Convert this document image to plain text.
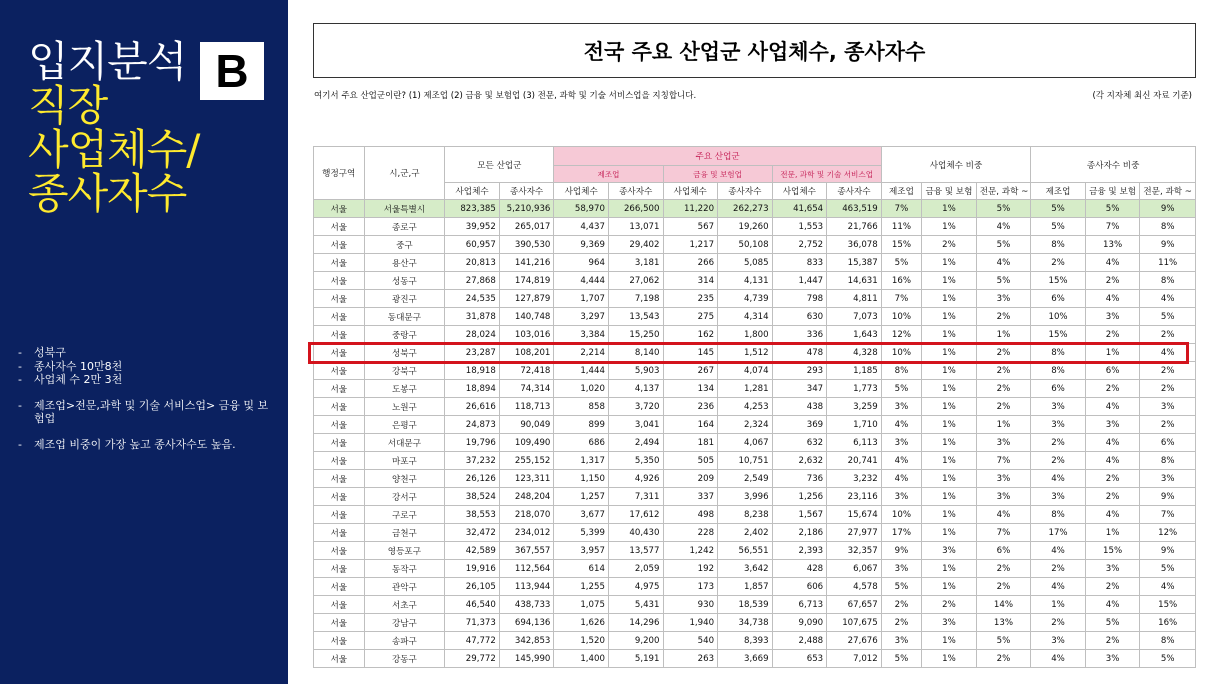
입지분석
직장
사업체수/
종사자수
B
-	성북구
-	종사자수 10만8천
-	사업체 수 2만 3천
-	제조업>전문,과학 및 기술 서비스업> 금융 및 보험업
-	제조업 비중이 가장 높고 종사자수도 높음.
전국 주요 산업군 사업체수, 종사자수
여기서 주요 산업군이란? (1) 제조업 (2) 금융 및 보험업 (3) 전문, 과학 및 기술 서비스업을 지칭합니다.	(각 지자체 최신 자료 기준)
행정구역	시,군,구	모든 산업군		주요 산업군						사업체수 비중			종사자수 비중		
				제조업		금융 및 보험업		전문, 과학 및 기술 서비스업							
		사업체수	종사자수	사업체수	종사자수	사업체수	종사자수	사업체수	종사자수	제조업	금융 및 보험	전문, 과학 ~	제조업	금융 및 보험	전문, 과학 ~
서울	서울특별시	823,385	5,210,936	58,970	266,500	11,220	262,273	41,654	463,519	7%	1%	5%	5%	5%	9%
서울	종로구	39,952	265,017	4,437	13,071	567	19,260	1,553	21,766	11%	1%	4%	5%	7%	8%
서울	중구	60,957	390,530	9,369	29,402	1,217	50,108	2,752	36,078	15%	2%	5%	8%	13%	9%
서울	용산구	20,813	141,216	964	3,181	266	5,085	833	15,387	5%	1%	4%	2%	4%	11%
서울	성동구	27,868	174,819	4,444	27,062	314	4,131	1,447	14,631	16%	1%	5%	15%	2%	8%
서울	광진구	24,535	127,879	1,707	7,198	235	4,739	798	4,811	7%	1%	3%	6%	4%	4%
서울	동대문구	31,878	140,748	3,297	13,543	275	4,314	630	7,073	10%	1%	2%	10%	3%	5%
서울	중랑구	28,024	103,016	3,384	15,250	162	1,800	336	1,643	12%	1%	1%	15%	2%	2%
서울	성북구	23,287	108,201	2,214	8,140	145	1,512	478	4,328	10%	1%	2%	8%	1%	4%
서울	강북구	18,918	72,418	1,444	5,903	267	4,074	293	1,185	8%	1%	2%	8%	6%	2%
서울	도봉구	18,894	74,314	1,020	4,137	134	1,281	347	1,773	5%	1%	2%	6%	2%	2%
서울	노원구	26,616	118,713	858	3,720	236	4,253	438	3,259	3%	1%	2%	3%	4%	3%
서울	은평구	24,873	90,049	899	3,041	164	2,324	369	1,710	4%	1%	1%	3%	3%	2%
서울	서대문구	19,796	109,490	686	2,494	181	4,067	632	6,113	3%	1%	3%	2%	4%	6%
서울	마포구	37,232	255,152	1,317	5,350	505	10,751	2,632	20,741	4%	1%	7%	2%	4%	8%
서울	양천구	26,126	123,311	1,150	4,926	209	2,549	736	3,232	4%	1%	3%	4%	2%	3%
서울	강서구	38,524	248,204	1,257	7,311	337	3,996	1,256	23,116	3%	1%	3%	3%	2%	9%
서울	구로구	38,553	218,070	3,677	17,612	498	8,238	1,567	15,674	10%	1%	4%	8%	4%	7%
서울	금천구	32,472	234,012	5,399	40,430	228	2,402	2,186	27,977	17%	1%	7%	17%	1%	12%
서울	영등포구	42,589	367,557	3,957	13,577	1,242	56,551	2,393	32,357	9%	3%	6%	4%	15%	9%
서울	동작구	19,916	112,564	614	2,059	192	3,642	428	6,067	3%	1%	2%	2%	3%	5%
서울	관악구	26,105	113,944	1,255	4,975	173	1,857	606	4,578	5%	1%	2%	4%	2%	4%
서울	서초구	46,540	438,733	1,075	5,431	930	18,539	6,713	67,657	2%	2%	14%	1%	4%	15%
서울	강남구	71,373	694,136	1,626	14,296	1,940	34,738	9,090	107,675	2%	3%	13%	2%	5%	16%
서울	송파구	47,772	342,853	1,520	9,200	540	8,393	2,488	27,676	3%	1%	5%	3%	2%	8%
서울	강동구	29,772	145,990	1,400	5,191	263	3,669	653	7,012	5%	1%	2%	4%	3%	5%
